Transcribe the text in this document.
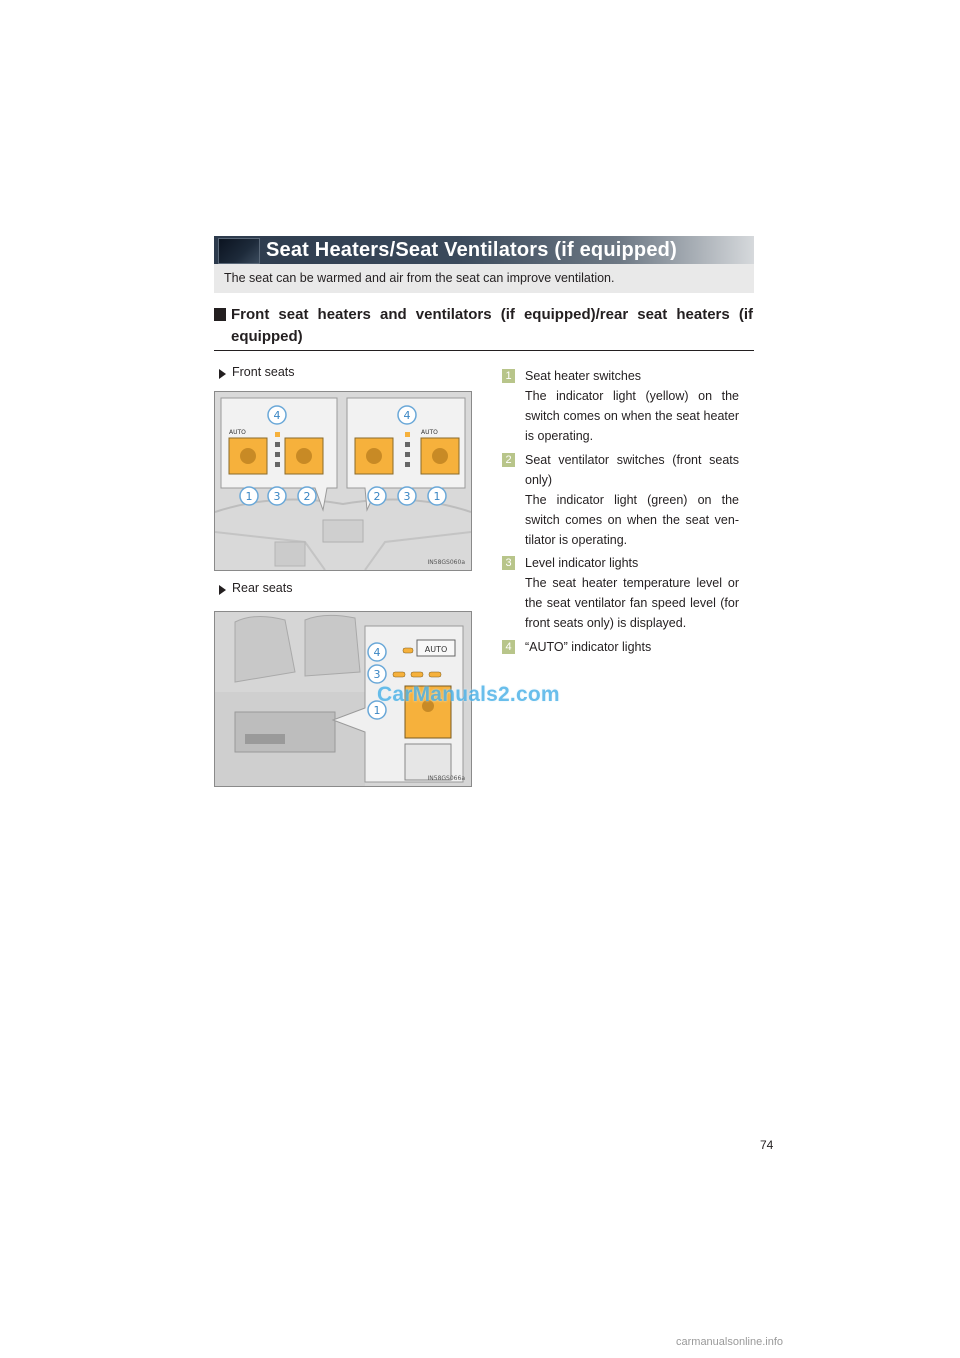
Seat Heaters/Seat Ventilators (if equipped)
The seat can be warmed and air from the seat can improve ventilation.
Front seat heaters and ventilators (if equipped)/rear seat heaters (if equipped)
Front seats
AUTO
4
1 3 2
AUTO
4
2 3 1
IN58GS060a
Rear seats
AUTO
4
3
1
IN58GS066a
CarManuals2.com
1 Seat heater switches
The indicator light (yellow) on the switch comes on when the seat heater is operating.
2 Seat ventilator switches (front seats only)
The indicator light (green) on the switch comes on when the seat ven-tilator is operating.
3 Level indicator lights
The seat heater temperature level or the seat ventilator fan speed level (for front seats only) is displayed.
4 “AUTO” indicator lights
74
carmanualsonline.info
